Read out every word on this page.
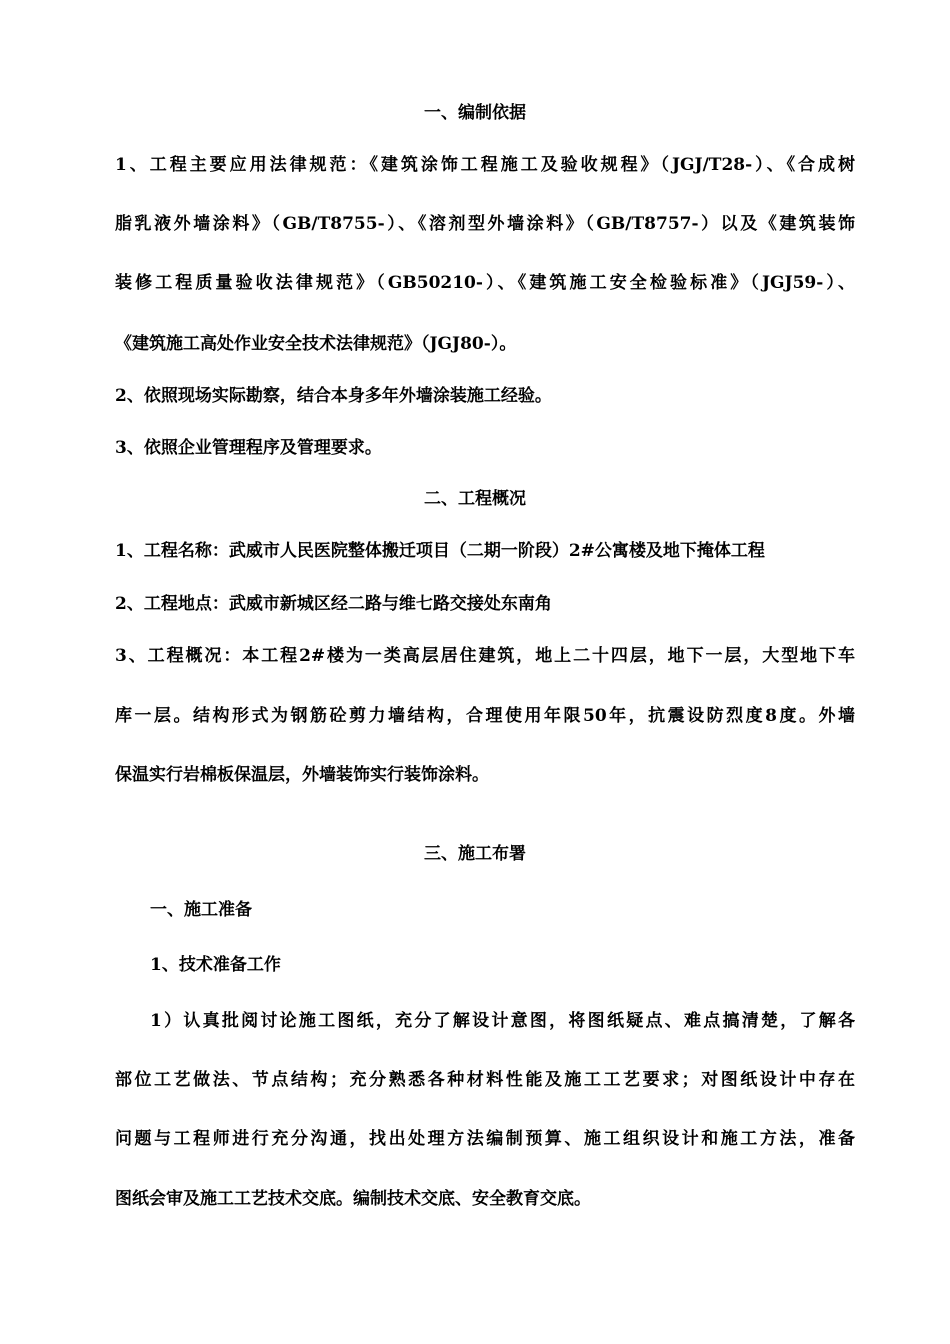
一、编制依据
1、工程主要应用法律规范：《建筑涂饰工程施工及验收规程》（JGJ/T28-）、《合成树
脂乳液外墙涂料》（GB/T8755-）、《溶剂型外墙涂料》（GB/T8757-）以及《建筑装饰
装修工程质量验收法律规范》（GB50210-）、《建筑施工安全检验标准》（JGJ59-）、
《建筑施工高处作业安全技术法律规范》（JGJ80-）。
2、依照现场实际勘察，结合本身多年外墙涂装施工经验。
3、依照企业管理程序及管理要求。
二、工程概况
1、工程名称：武威市人民医院整体搬迁项目（二期一阶段）2#公寓楼及地下掩体工程
2、工程地点：武威市新城区经二路与维七路交接处东南角
3、工程概况：本工程2#楼为一类高层居住建筑，地上二十四层，地下一层，大型地下车
库一层。结构形式为钢筋砼剪力墙结构，合理使用年限50年，抗震设防烈度8度。外墙
保温实行岩棉板保温层，外墙装饰实行装饰涂料。
三、施工布署
一、施工准备
1、技术准备工作
1）认真批阅讨论施工图纸，充分了解设计意图，将图纸疑点、难点搞清楚，了解各
部位工艺做法、节点结构；充分熟悉各种材料性能及施工工艺要求；对图纸设计中存在
问题与工程师进行充分沟通，找出处理方法编制预算、施工组织设计和施工方法，准备
图纸会审及施工工艺技术交底。编制技术交底、安全教育交底。
